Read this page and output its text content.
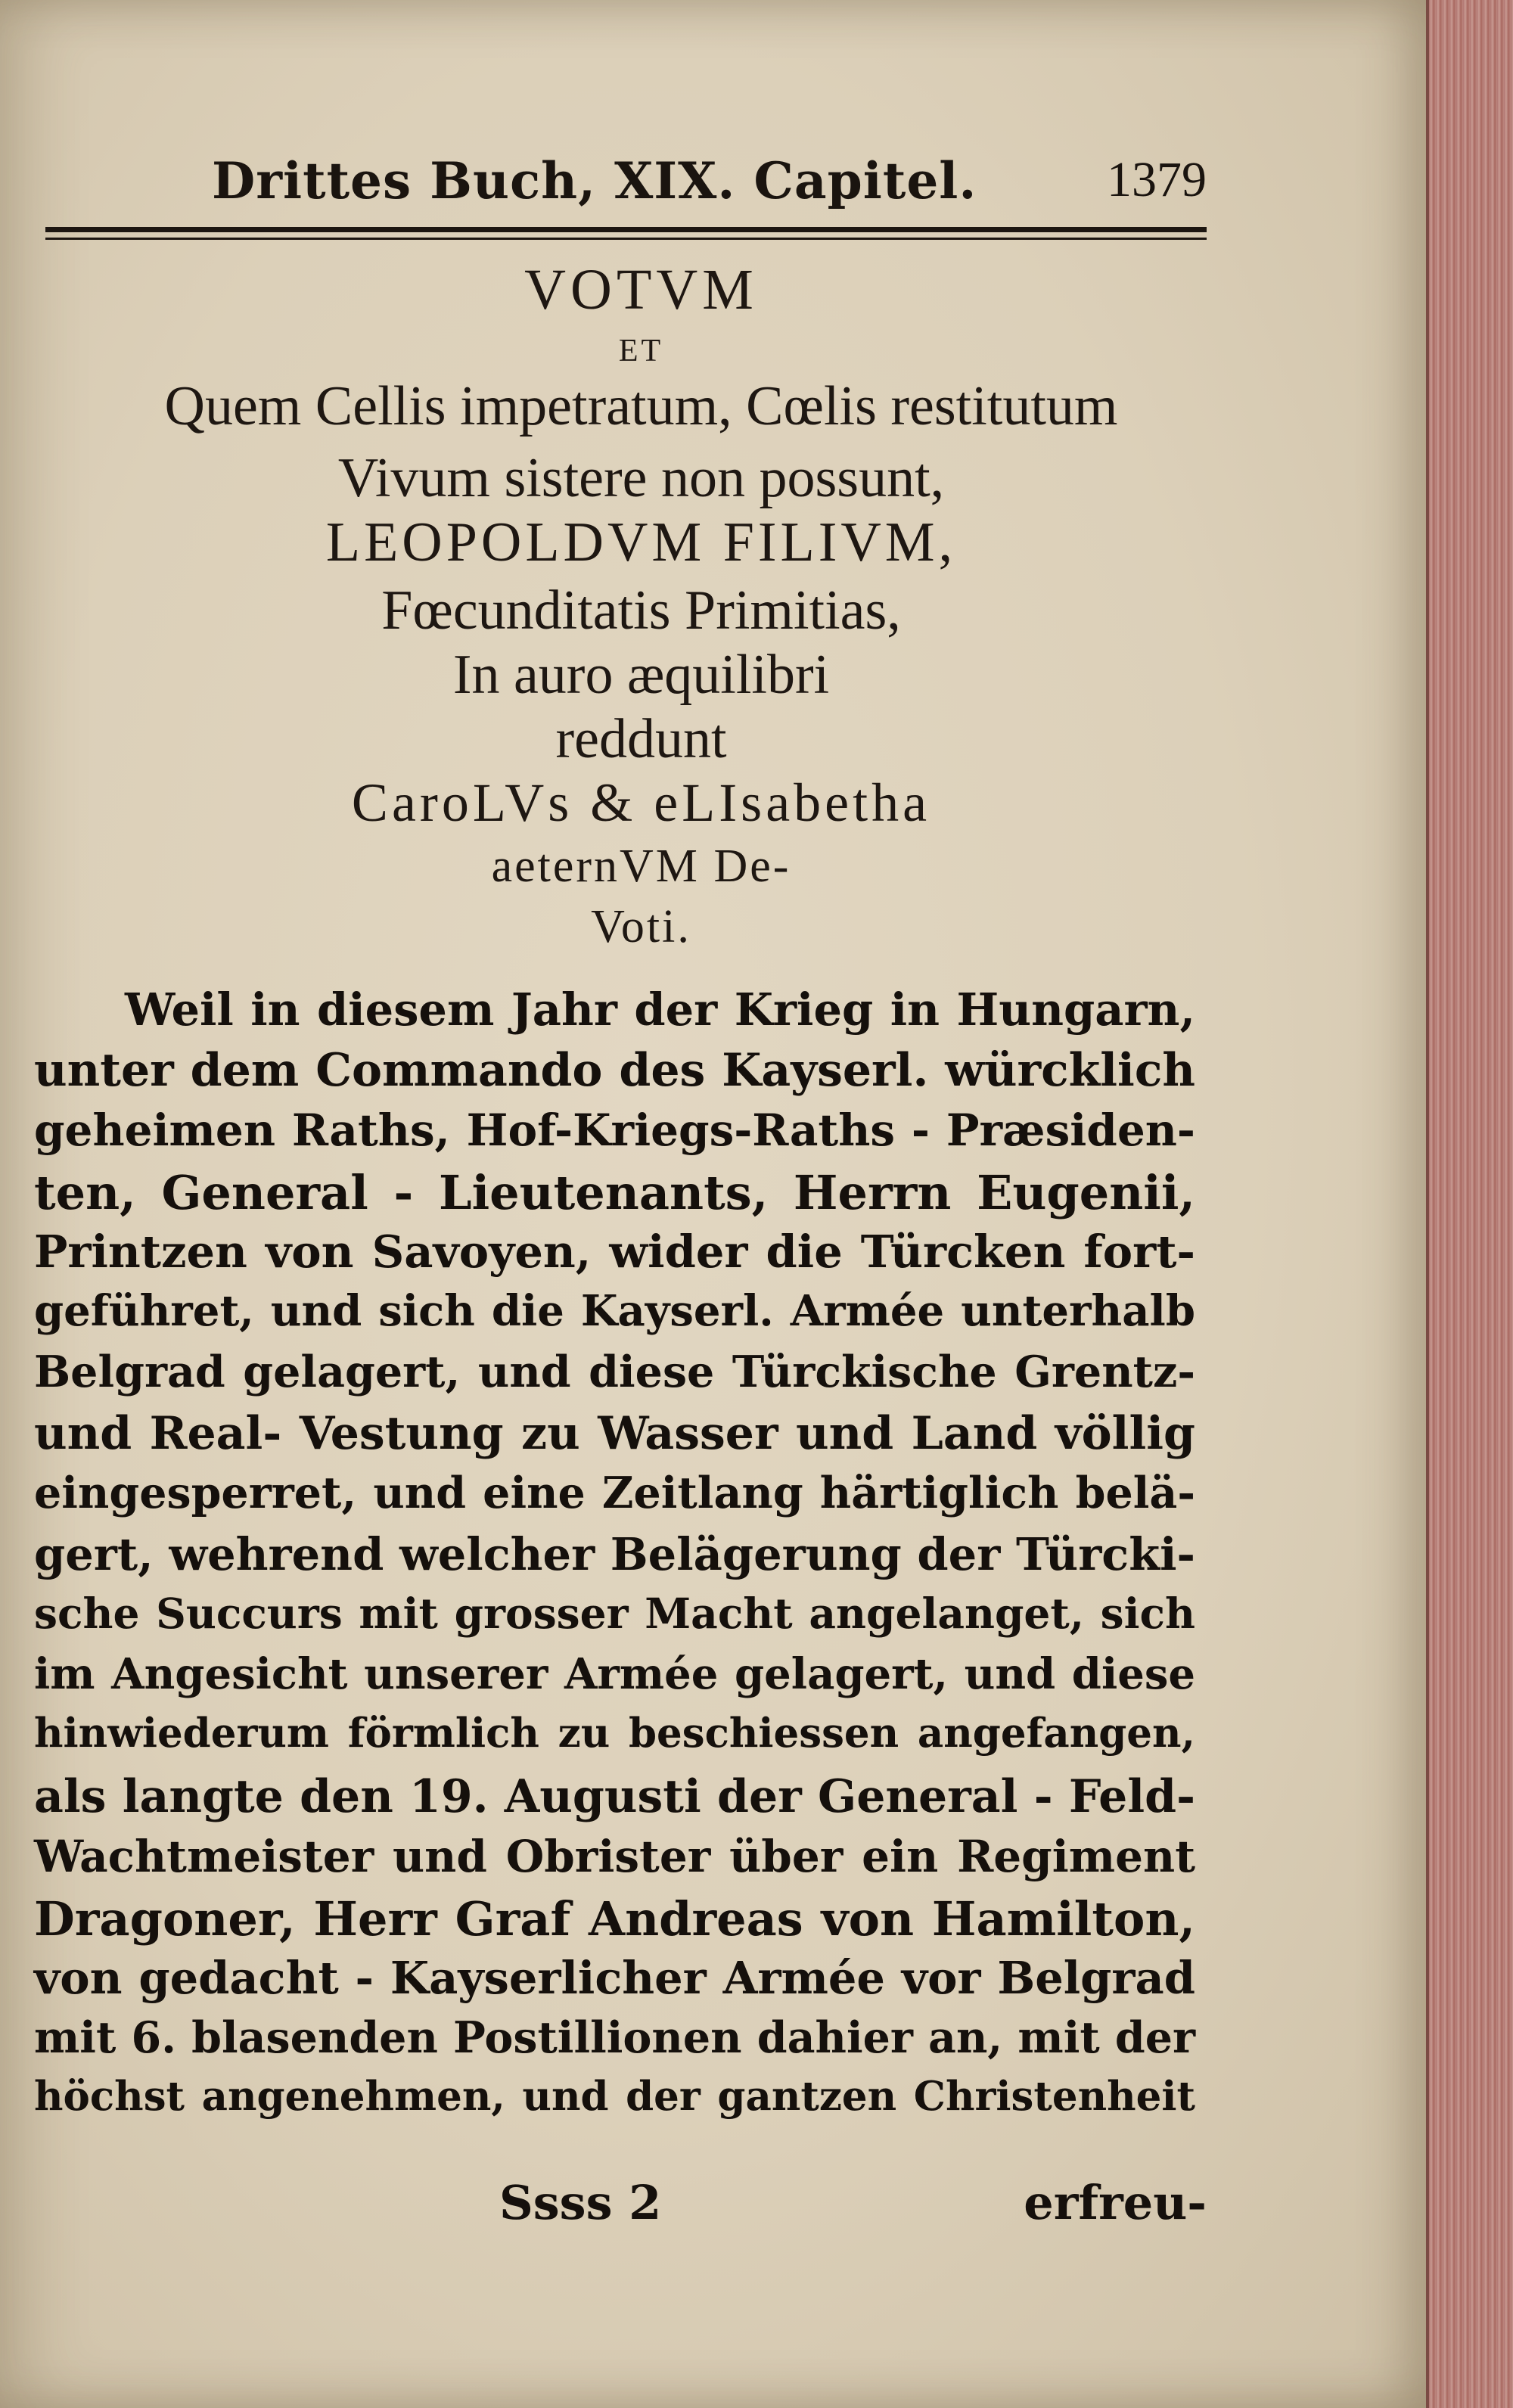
Drittes Buch, XIX. Capitel.	1379
VOTVM
ET
Quem Cellis impetratum, Cœlis restitutum
Vivum sistere non possunt,
LEOPOLDVM FILIVM,
Fœcunditatis Primitias,
In auro æquilibri
reddunt
CaroLVs & eLIsabetha
aeternVM De-
Voti.
Weil in diesem Jahr der Krieg in Hungarn,
unter dem Commando des Kayserl. würcklich
geheimen Raths, Hof-Kriegs-Raths - Præsiden-
ten, General - Lieutenants, Herrn Eugenii,
Printzen von Savoyen, wider die Türcken fort-
geführet, und sich die Kayserl. Armée unterhalb
Belgrad gelagert, und diese Türckische Grentz-
und Real- Vestung zu Wasser und Land völlig
eingesperret, und eine Zeitlang härtiglich belä-
gert, wehrend welcher Belägerung der Türcki-
sche Succurs mit grosser Macht angelanget, sich
im Angesicht unserer Armée gelagert, und diese
hinwiederum förmlich zu beschiessen angefangen,
als langte den 19. Augusti der General - Feld-
Wachtmeister und Obrister über ein Regiment
Dragoner, Herr Graf Andreas von Hamilton,
von gedacht - Kayserlicher Armée vor Belgrad
mit 6. blasenden Postillionen dahier an, mit der
höchst angenehmen, und der gantzen Christenheit
Ssss 2	erfreu-
